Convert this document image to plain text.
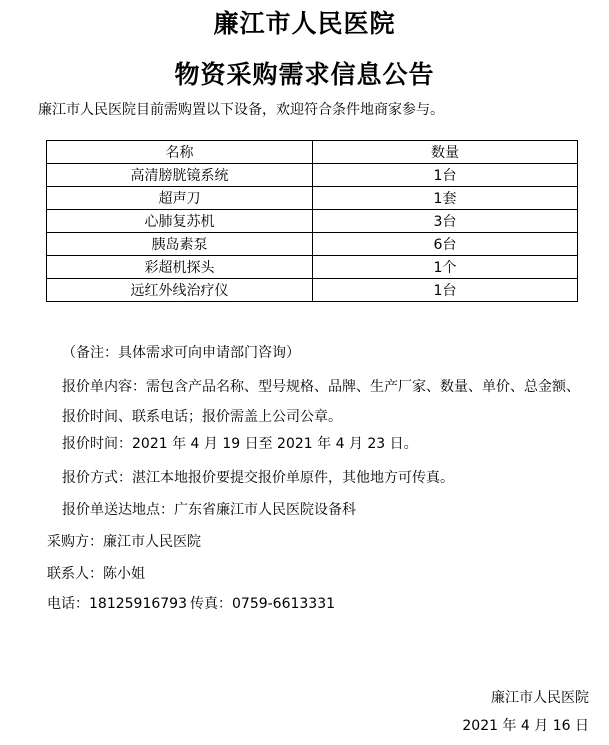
廉江市人民医院
物资采购需求信息公告
廉江市人民医院目前需购置以下设备，欢迎符合条件地商家参与。
名称	数量
高清膀胱镜系统	1台
超声刀	1套
心肺复苏机	3台
胰岛素泵	6台
彩超机探头	1个
远红外线治疗仪	1台
（备注：具体需求可向申请部门咨询）
报价单内容：需包含产品名称、型号规格、品牌、生产厂家、数量、单价、总金额、报价时间、联系电话；报价需盖上公司公章。
报价时间：2021 年 4 月 19 日至 2021 年 4 月 23 日。
报价方式：湛江本地报价要提交报价单原件，其他地方可传真。
报价单送达地点：广东省廉江市人民医院设备科
采购方：廉江市人民医院
联系人：陈小姐
电话：18125916793 传真：0759-6613331
廉江市人民医院
2021 年 4 月 16 日
